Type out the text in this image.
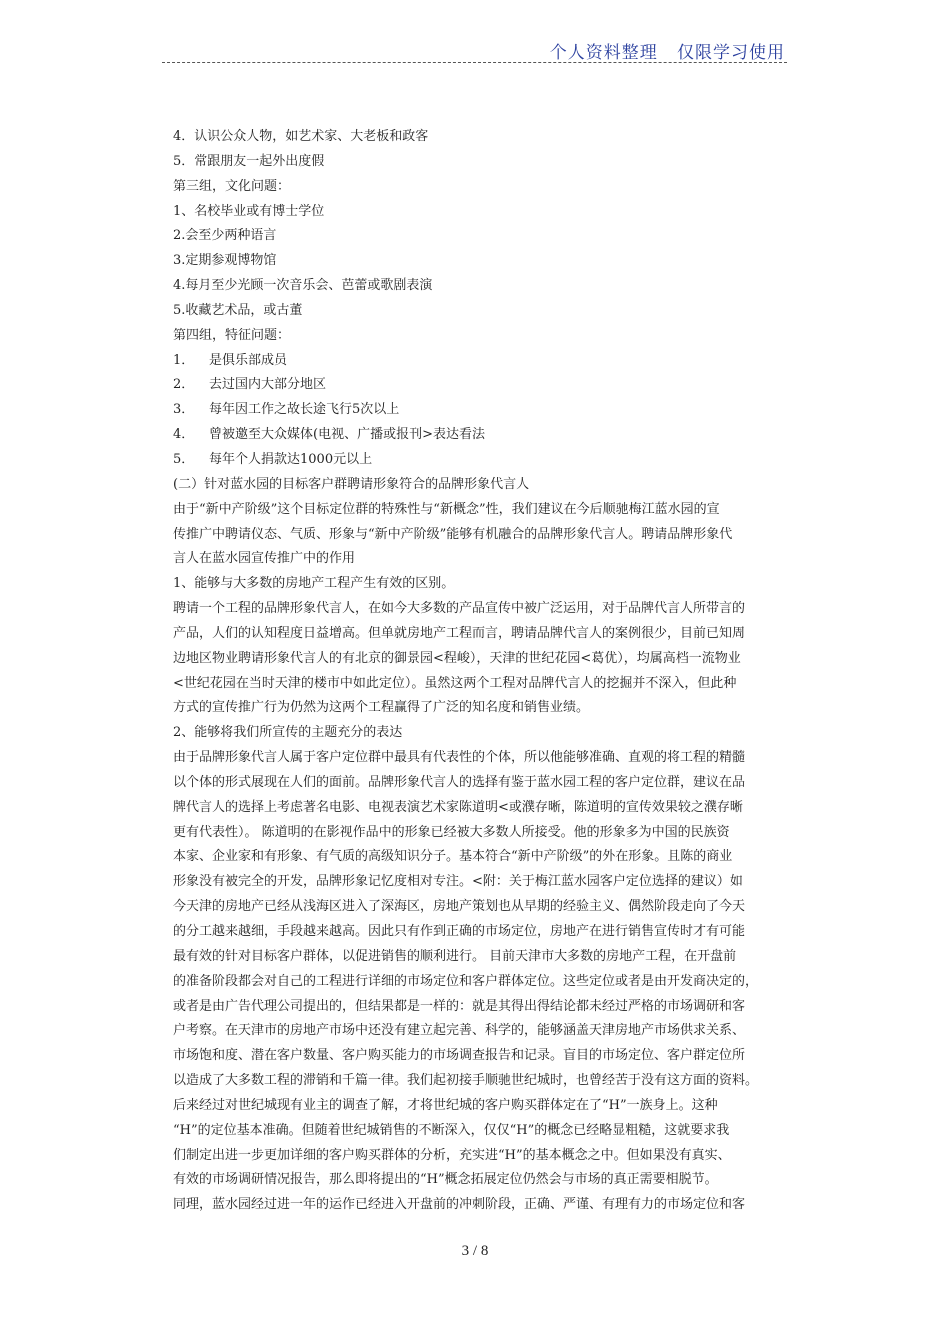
个人资料整理   仅限学习使用
4．认识公众人物，如艺术家、大老板和政客
5．常跟朋友一起外出度假
第三组，文化问题：
1、名校毕业或有博士学位
2.会至少两种语言
3.定期参观博物馆
4.每月至少光顾一次音乐会、芭蕾或歌剧表演
5.收藏艺术品，或古董
第四组，特征问题：
1． 是俱乐部成员
2． 去过国内大部分地区
3． 每年因工作之故长途飞行5次以上
4． 曾被邀至大众媒体(电视、广播或报刊>表达看法
5． 每年个人捐款达1000元以上
(二）针对蓝水园的目标客户群聘请形象符合的品牌形象代言人
由于“新中产阶级”这个目标定位群的特殊性与“新概念”性，我们建议在今后顺驰梅江蓝水园的宣
传推广中聘请仪态、气质、形象与“新中产阶级”能够有机融合的品牌形象代言人。聘请品牌形象代
言人在蓝水园宣传推广中的作用
1、能够与大多数的房地产工程产生有效的区别。
聘请一个工程的品牌形象代言人，在如今大多数的产品宣传中被广泛运用，对于品牌代言人所带言的
产品，人们的认知程度日益增高。但单就房地产工程而言，聘请品牌代言人的案例很少，目前已知周
边地区物业聘请形象代言人的有北京的御景园<程峻），天津的世纪花园<葛优），均属高档一流物业
<世纪花园在当时天津的楼市中如此定位）。虽然这两个工程对品牌代言人的挖掘并不深入，但此种
方式的宣传推广行为仍然为这两个工程赢得了广泛的知名度和销售业绩。
2、能够将我们所宣传的主题充分的表达
由于品牌形象代言人属于客户定位群中最具有代表性的个体，所以他能够准确、直观的将工程的精髓
以个体的形式展现在人们的面前。品牌形象代言人的选择有鉴于蓝水园工程的客户定位群，建议在品
牌代言人的选择上考虑著名电影、电视表演艺术家陈道明<或濮存晰，陈道明的宣传效果较之濮存晰
更有代表性）。 陈道明的在影视作品中的形象已经被大多数人所接受。他的形象多为中国的民族资
本家、企业家和有形象、有气质的高级知识分子。基本符合“新中产阶级”的外在形象。且陈的商业
形象没有被完全的开发，品牌形象记忆度相对专注。<附：关于梅江蓝水园客户定位选择的建议）如
今天津的房地产已经从浅海区进入了深海区，房地产策划也从早期的经验主义、偶然阶段走向了今天
的分工越来越细，手段越来越高。因此只有作到正确的市场定位，房地产在进行销售宣传时才有可能
最有效的针对目标客户群体，以促进销售的顺利进行。 目前天津市大多数的房地产工程，在开盘前
的准备阶段都会对自己的工程进行详细的市场定位和客户群体定位。这些定位或者是由开发商决定的，
或者是由广告代理公司提出的，但结果都是一样的：就是其得出得结论都未经过严格的市场调研和客
户考察。在天津市的房地产市场中还没有建立起完善、科学的，能够涵盖天津房地产市场供求关系、
市场饱和度、潜在客户数量、客户购买能力的市场调查报告和记录。盲目的市场定位、客户群定位所
以造成了大多数工程的滞销和千篇一律。我们起初接手顺驰世纪城时，也曾经苦于没有这方面的资料。
后来经过对世纪城现有业主的调查了解，才将世纪城的客户购买群体定在了“H”一族身上。这种
“H”的定位基本准确。但随着世纪城销售的不断深入，仅仅“H”的概念已经略显粗糙，这就要求我
们制定出进一步更加详细的客户购买群体的分析，充实进“H”的基本概念之中。但如果没有真实、
有效的市场调研情况报告，那么即将提出的“H”概念拓展定位仍然会与市场的真正需要相脱节。
同理，蓝水园经过进一年的运作已经进入开盘前的冲刺阶段，正确、严谨、有理有力的市场定位和客
3 / 8
